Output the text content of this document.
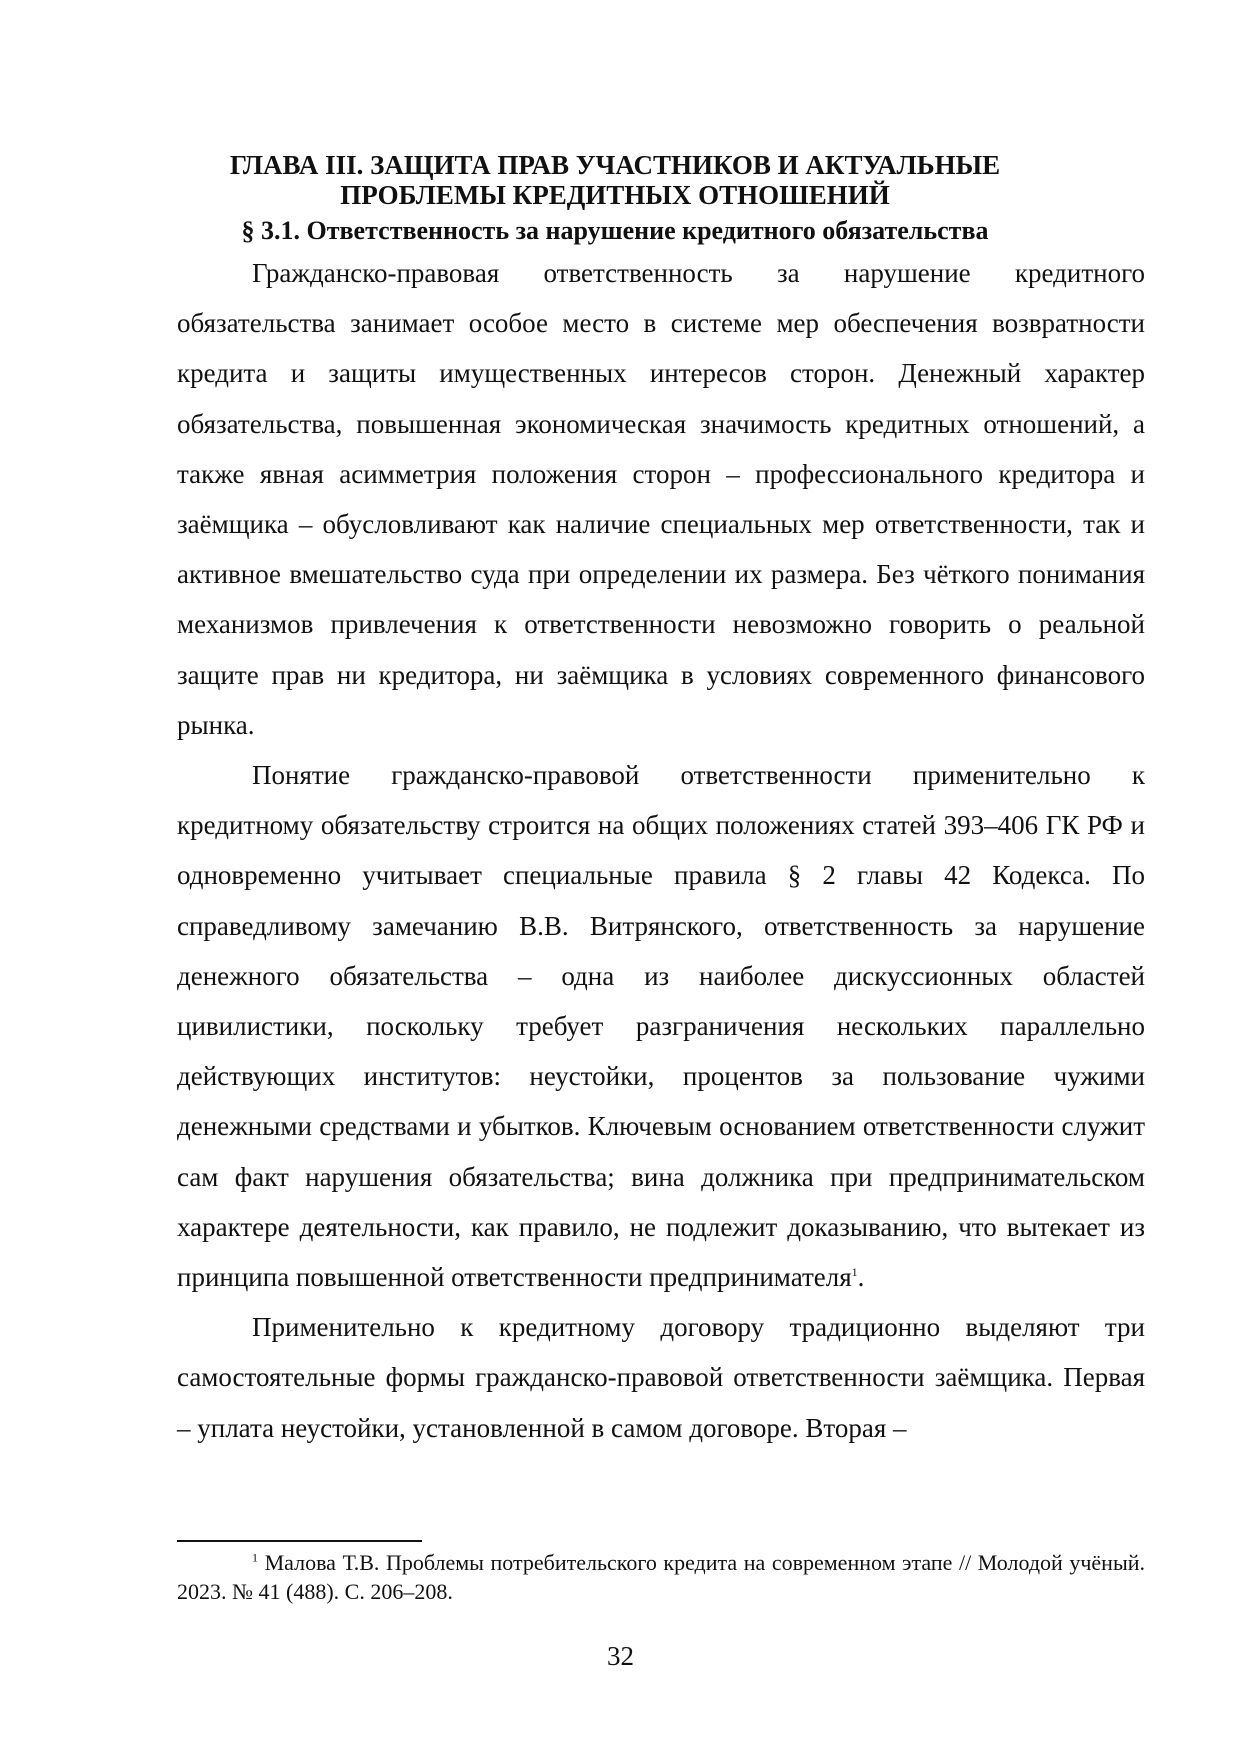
ГЛАВА III. ЗАЩИТА ПРАВ УЧАСТНИКОВ И АКТУАЛЬНЫЕ
ПРОБЛЕМЫ КРЕДИТНЫХ ОТНОШЕНИЙ
§ 3.1. Ответственность за нарушение кредитного обязательства

Гражданско-правовая ответственность за нарушение кредитного обязательства занимает особое место в системе мер обеспечения возвратности кредита и защиты имущественных интересов сторон. Денежный характер обязательства, повышенная экономическая значимость кредитных отношений, а также явная асимметрия положения сторон – профессионального кредитора и заёмщика – обусловливают как наличие специальных мер ответственности, так и активное вмешательство суда при определении их размера. Без чёткого понимания механизмов привлечения к ответственности невозможно говорить о реальной защите прав ни кредитора, ни заёмщика в условиях современного финансового рынка.

Понятие гражданско-правовой ответственности применительно к кредитному обязательству строится на общих положениях статей 393–406 ГК РФ и одновременно учитывает специальные правила § 2 главы 42 Кодекса. По справедливому замечанию В.В. Витрянского, ответственность за нарушение денежного обязательства – одна из наиболее дискуссионных областей цивилистики, поскольку требует разграничения нескольких параллельно действующих институтов: неустойки, процентов за пользование чужими денежными средствами и убытков. Ключевым основанием ответственности служит сам факт нарушения обязательства; вина должника при предпринимательском характере деятельности, как правило, не подлежит доказыванию, что вытекает из принципа повышенной ответственности предпринимателя$^1$.

Применительно к кредитному договору традиционно выделяют три самостоятельные формы гражданско-правовой ответственности заёмщика. Первая – уплата неустойки, установленной в самом договоре. Вторая –

$^1$ Малова Т.В. Проблемы потребительского кредита на современном этапе // Молодой учёный. 2023. № 41 (488). С. 206–208.
32
